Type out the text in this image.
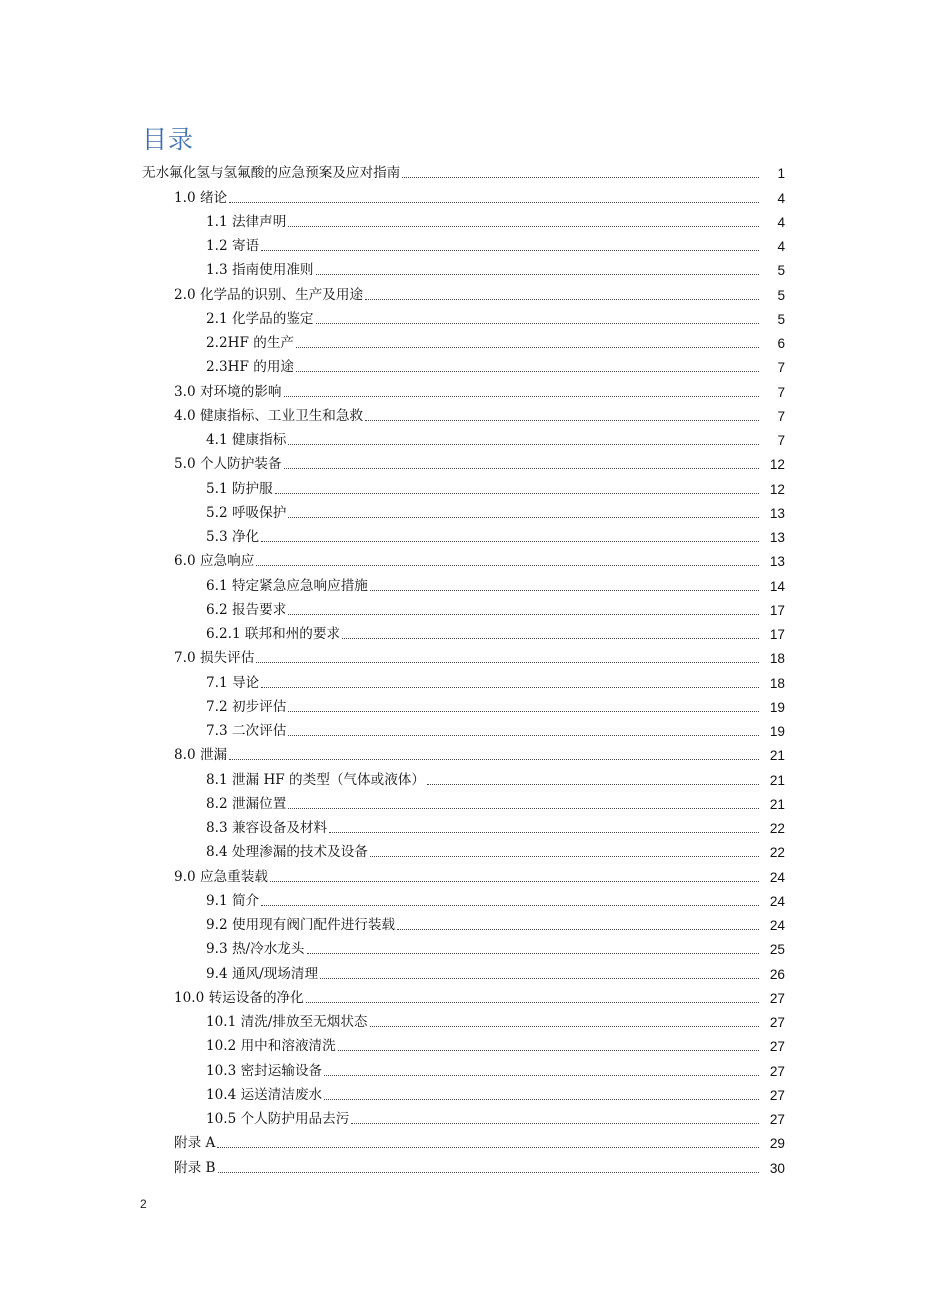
目录
无水氟化氢与氢氟酸的应急预案及应对指南	1
1.0 绪论	4
1.1 法律声明	4
1.2 寄语	4
1.3 指南使用准则	5
2.0 化学品的识别、生产及用途	5
2.1 化学品的鉴定	5
2.2HF 的生产	6
2.3HF 的用途	7
3.0 对环境的影响	7
4.0 健康指标、工业卫生和急救	7
4.1 健康指标	7
5.0 个人防护装备	12
5.1 防护服	12
5.2 呼吸保护	13
5.3 净化	13
6.0 应急响应	13
6.1 特定紧急应急响应措施	14
6.2 报告要求	17
6.2.1 联邦和州的要求	17
7.0 损失评估	18
7.1 导论	18
7.2 初步评估	19
7.3 二次评估	19
8.0 泄漏	21
8.1 泄漏 HF 的类型（气体或液体）	21
8.2 泄漏位置	21
8.3 兼容设备及材料	22
8.4 处理渗漏的技术及设备	22
9.0 应急重装载	24
9.1 简介	24
9.2 使用现有阀门配件进行装载	24
9.3 热/冷水龙头	25
9.4 通风/现场清理	26
10.0 转运设备的净化	27
10.1 清洗/排放至无烟状态	27
10.2 用中和溶液清洗	27
10.3 密封运输设备	27
10.4 运送清洁废水	27
10.5 个人防护用品去污	27
附录 A	29
附录 B	30
2
